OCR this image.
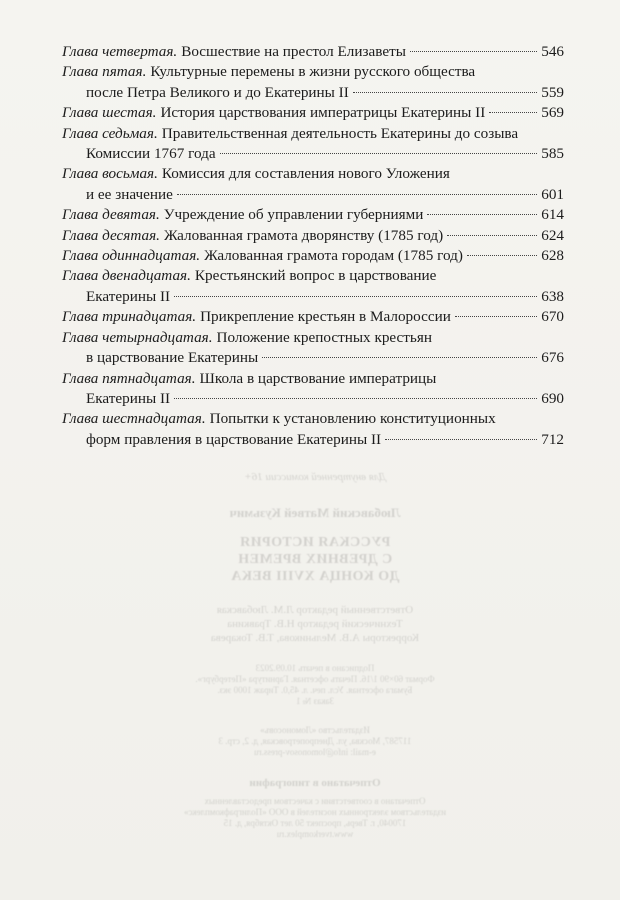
Глава четвертая. Восшествие на престол Елизаветы	546
Глава пятая. Культурные перемены в жизни русского общества
после Петра Великого и до Екатерины II	559
Глава шестая. История царствования императрицы Екатерины II	569
Глава седьмая. Правительственная деятельность Екатерины до созыва
Комиссии 1767 года	585
Глава восьмая. Комиссия для составления нового Уложения
и ее значение	601
Глава девятая. Учреждение об управлении губерниями	614
Глава десятая. Жалованная грамота дворянству (1785 год)	624
Глава одиннадцатая. Жалованная грамота городам (1785 год)	628
Глава двенадцатая. Крестьянский вопрос в царствование
Екатерины II	638
Глава тринадцатая. Прикрепление крестьян в Малороссии	670
Глава четырнадцатая. Положение крепостных крестьян
в царствование Екатерины	676
Глава пятнадцатая. Школа в царствование императрицы
Екатерины II	690
Глава шестнадцатая. Попытки к установлению конституционных
форм правления в царствование Екатерины II	712
Для внутренней комиссии 16+
Любавский Матвей Кузьмич
РУССКАЯ ИСТОРИЯ
С ДРЕВНИХ ВРЕМЕН
ДО КОНЦА XVIII ВЕКА
Ответственный редактор Л.М. Любавская
Технический редактор Н.В. Травкина
Корректоры А.В. Мельникова, Т.В. Токарева
Подписано в печать 10.09.2023
Формат 60×90 1/16. Печать офсетная. Гарнитура «Петербург».
Бумага офсетная. Усл. печ. л. 45,0. Тираж 1000 экз.
Заказ № 1
Издательство «Ломоносовъ»
117587, Москва, ул. Днепропетровская, д. 2, стр. 3
e-mail: info@lomonosov-press.ru
Отпечатано в типографии
Отпечатано в соответствии с качеством предоставленных
издательством электронных носителей в ООО «Полиграфкомплекс»
170040, г. Тверь, проспект 50 лет Октября, д. 15
www.tverkomplex.ru
